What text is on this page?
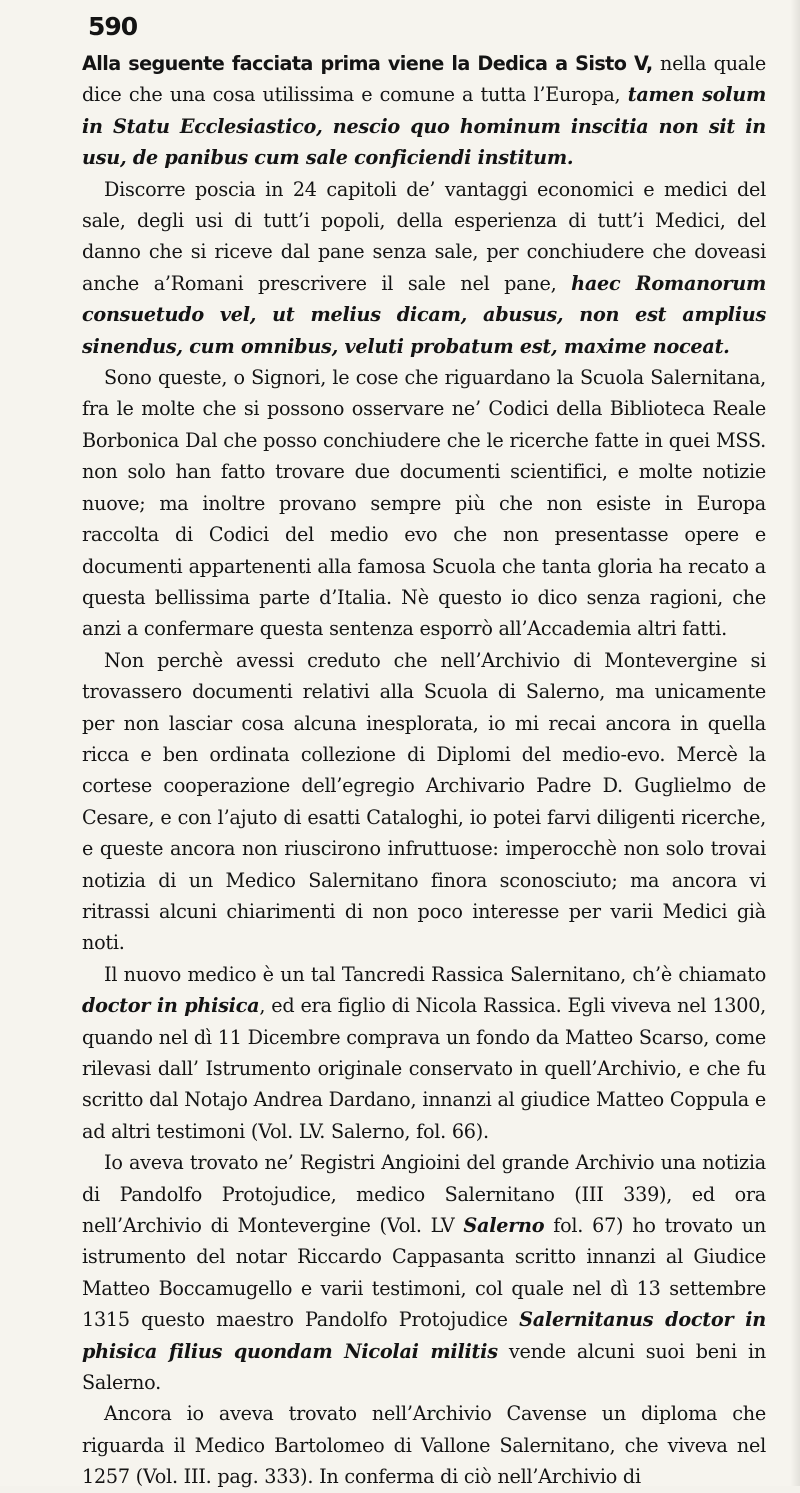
590

Alla seguente facciata prima viene la Dedica a Sisto V, nella quale dice che una cosa utilissima e comune a tutta l’Europa, tamen solum in Statu Ecclesiastico, nescio quo hominum inscitia non sit in usu, de panibus cum sale conficiendi institum.

Discorre poscia in 24 capitoli de’ vantaggi economici e medici del sale, degli usi di tutt’i popoli, della esperienza di tutt’i Medici, del danno che si riceve dal pane senza sale, per conchiudere che doveasi anche a’Romani prescrivere il sale nel pane, haec Romanorum consuetudo vel, ut melius dicam, abusus, non est amplius sinendus, cum omnibus, veluti probatum est, maxime noceat.

Sono queste, o Signori, le cose che riguardano la Scuola Salernitana, fra le molte che si possono osservare ne’ Codici della Biblioteca Reale Borbonica Dal che posso conchiudere che le ricerche fatte in quei MSS. non solo han fatto trovare due documenti scientifici, e molte notizie nuove; ma inoltre provano sempre più che non esiste in Europa raccolta di Codici del medio evo che non presentasse opere e documenti appartenenti alla famosa Scuola che tanta gloria ha recato a questa bellissima parte d’Italia. Nè questo io dico senza ragioni, che anzi a confermare questa sentenza esporrò all’Accademia altri fatti.

Non perchè avessi creduto che nell’Archivio di Montevergine si trovassero documenti relativi alla Scuola di Salerno, ma unicamente per non lasciar cosa alcuna inesplorata, io mi recai ancora in quella ricca e ben ordinata collezione di Diplomi del medio-evo. Mercè la cortese cooperazione dell’egregio Archivario Padre D. Guglielmo de Cesare, e con l’ajuto di esatti Cataloghi, io potei farvi diligenti ricerche, e queste ancora non riuscirono infruttuose: imperocchè non solo trovai notizia di un Medico Salernitano finora sconosciuto; ma ancora vi ritrassi alcuni chiarimenti di non poco interesse per varii Medici già noti.

Il nuovo medico è un tal Tancredi Rassica Salernitano, ch’è chiamato doctor in phisica, ed era figlio di Nicola Rassica. Egli viveva nel 1300, quando nel dì 11 Dicembre comprava un fondo da Matteo Scarso, come rilevasi dall’ Istrumento originale conservato in quell’Archivio, e che fu scritto dal Notajo Andrea Dardano, innanzi al giudice Matteo Coppula e ad altri testimoni (Vol. LV. Salerno, fol. 66).

Io aveva trovato ne’ Registri Angioini del grande Archivio una notizia di Pandolfo Protojudice, medico Salernitano (III 339), ed ora nell’Archivio di Montevergine (Vol. LV Salerno fol. 67) ho trovato un istrumento del notar Riccardo Cappasanta scritto innanzi al Giudice Matteo Boccamugello e varii testimoni, col quale nel dì 13 settembre 1315 questo maestro Pandolfo Protojudice Salernitanus doctor in phisica filius quondam Nicolai militis vende alcuni suoi beni in Salerno.

Ancora io aveva trovato nell’Archivio Cavense un diploma che riguarda il Medico Bartolomeo di Vallone Salernitano, che viveva nel 1257 (Vol. III. pag. 333). In conferma di ciò nell’Archivio di
